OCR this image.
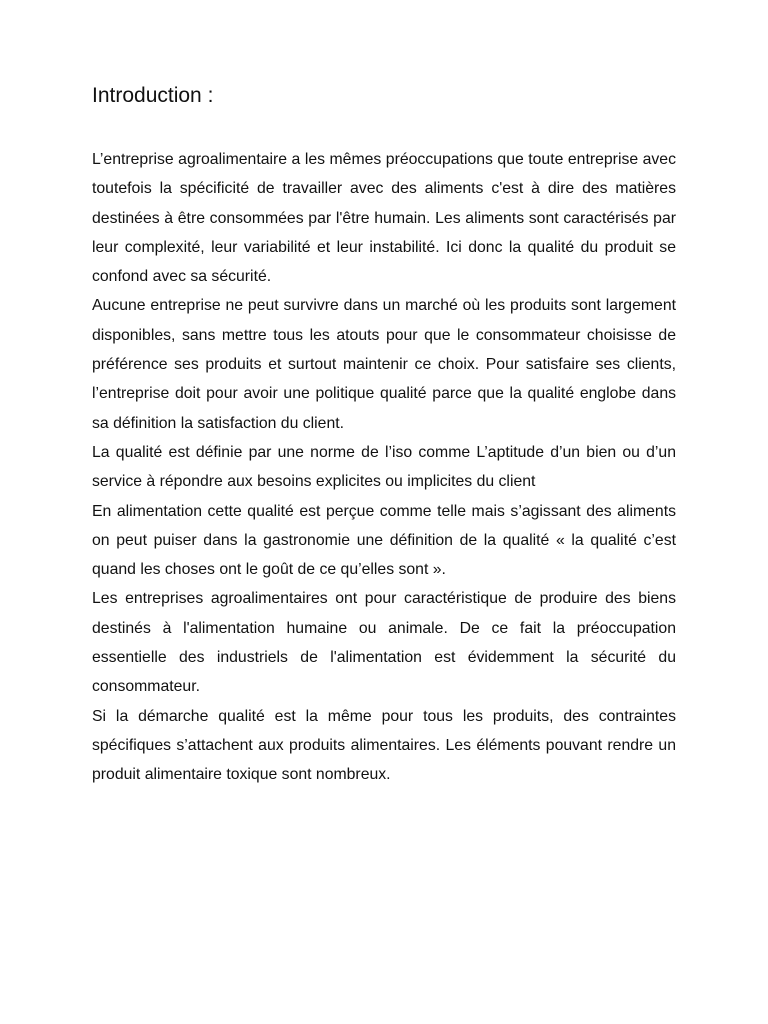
Introduction :

L’entreprise agroalimentaire a les mêmes préoccupations que toute entreprise avec toutefois la spécificité de travailler avec des aliments c'est à dire des matières destinées à être consommées par l'être humain. Les aliments sont caractérisés par leur complexité, leur variabilité et leur instabilité. Ici donc la qualité du produit se confond avec sa sécurité.

Aucune entreprise ne peut survivre dans un marché où les produits sont largement disponibles, sans mettre tous les atouts pour que le consommateur choisisse de préférence ses produits et surtout maintenir ce choix. Pour satisfaire ses clients, l’entreprise doit pour avoir une politique qualité parce que la qualité englobe dans sa définition la satisfaction du client.

La qualité est définie par une norme de l’iso comme L’aptitude d’un bien ou d’un service à répondre aux besoins explicites ou implicites du client

En alimentation cette qualité est perçue comme telle mais s’agissant des aliments on peut puiser dans la gastronomie une définition de la qualité « la qualité c’est quand les choses ont le goût de ce qu’elles sont ».

Les entreprises agroalimentaires ont pour caractéristique de produire des biens destinés à l'alimentation humaine ou animale. De ce fait la préoccupation essentielle des industriels de l'alimentation est évidemment la sécurité du consommateur.

Si la démarche qualité est la même pour tous les produits, des contraintes spécifiques s’attachent aux produits alimentaires. Les éléments pouvant rendre un produit alimentaire toxique sont nombreux.
